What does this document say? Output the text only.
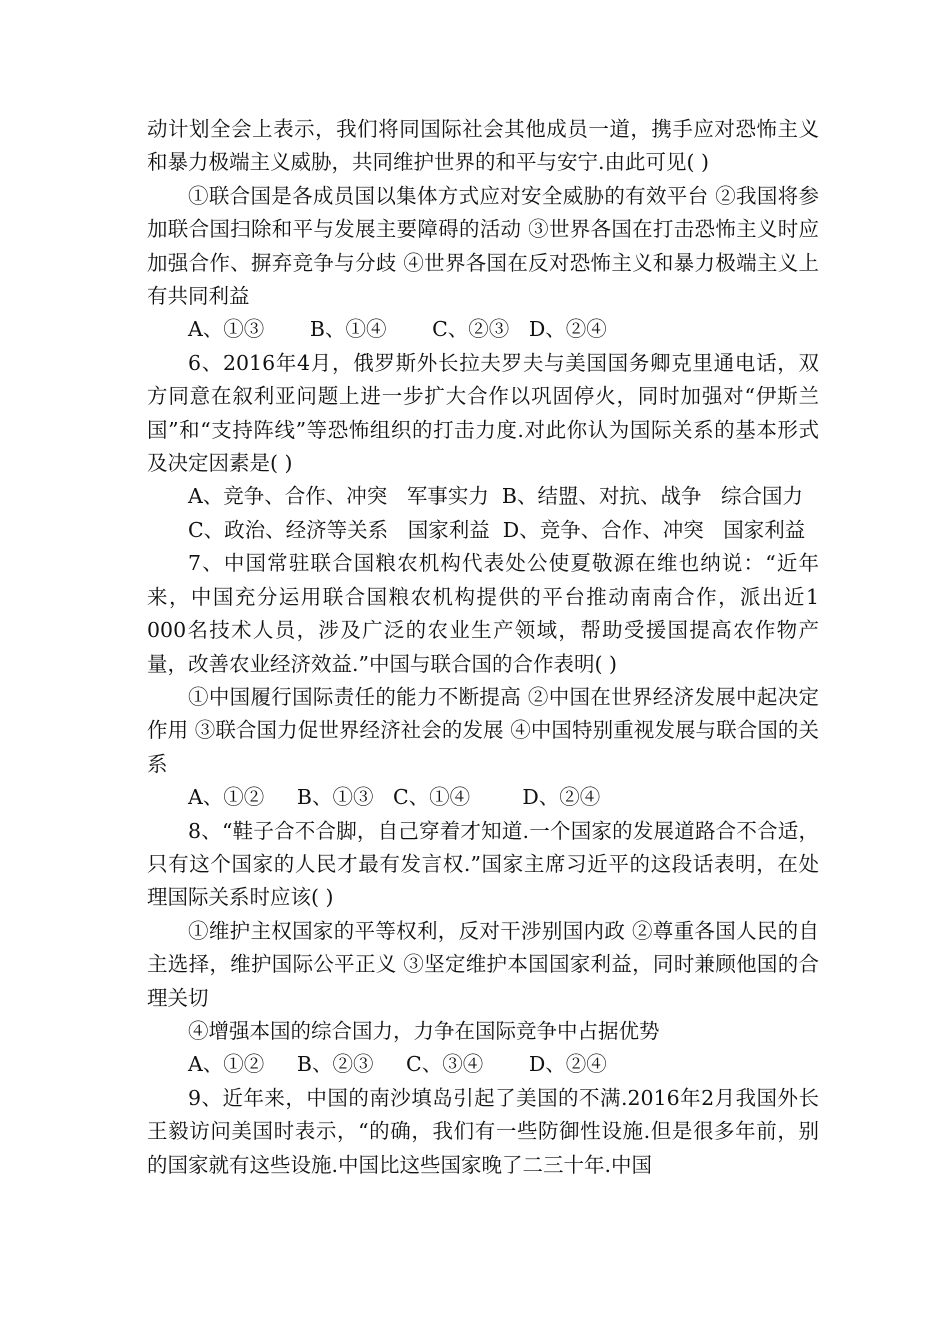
动计划全会上表示，我们将同国际社会其他成员一道，携手应对恐怖主义和暴力极端主义威胁，共同维护世界的和平与安宁.由此可见( )

①联合国是各成员国以集体方式应对安全威胁的有效平台 ②我国将参加联合国扫除和平与发展主要障碍的活动 ③世界各国在打击恐怖主义时应加强合作、摒弃竞争与分歧 ④世界各国在反对恐怖主义和暴力极端主义上有共同利益

A、①③       B、①④       C、②③   D、②④

6、2016年4月，俄罗斯外长拉夫罗夫与美国国务卿克里通电话，双方同意在叙利亚问题上进一步扩大合作以巩固停火，同时加强对“伊斯兰国”和“支持阵线”等恐怖组织的打击力度.对此你认为国际关系的基本形式及决定因素是( )

A、竞争、合作、冲突   军事实力  B、结盟、对抗、战争   综合国力

C、政治、经济等关系   国家利益  D、竞争、合作、冲突   国家利益

7、中国常驻联合国粮农机构代表处公使夏敬源在维也纳说：“近年来，中国充分运用联合国粮农机构提供的平台推动南南合作，派出近1 000名技术人员，涉及广泛的农业生产领域，帮助受援国提高农作物产量，改善农业经济效益.”中国与联合国的合作表明( )

①中国履行国际责任的能力不断提高 ②中国在世界经济发展中起决定作用 ③联合国力促世界经济社会的发展 ④中国特别重视发展与联合国的关系

A、①②     B、①③   C、①④        D、②④

8、“鞋子合不合脚，自己穿着才知道.一个国家的发展道路合不合适，只有这个国家的人民才最有发言权.”国家主席习近平的这段话表明，在处理国际关系时应该( )

①维护主权国家的平等权利，反对干涉别国内政 ②尊重各国人民的自主选择，维护国际公平正义 ③坚定维护本国国家利益，同时兼顾他国的合理关切

④增强本国的综合国力，力争在国际竞争中占据优势

A、①②     B、②③     C、③④       D、②④

9、近年来，中国的南沙填岛引起了美国的不满.2016年2月我国外长王毅访问美国时表示，“的确，我们有一些防御性设施.但是很多年前，别的国家就有这些设施.中国比这些国家晚了二三十年.中国
